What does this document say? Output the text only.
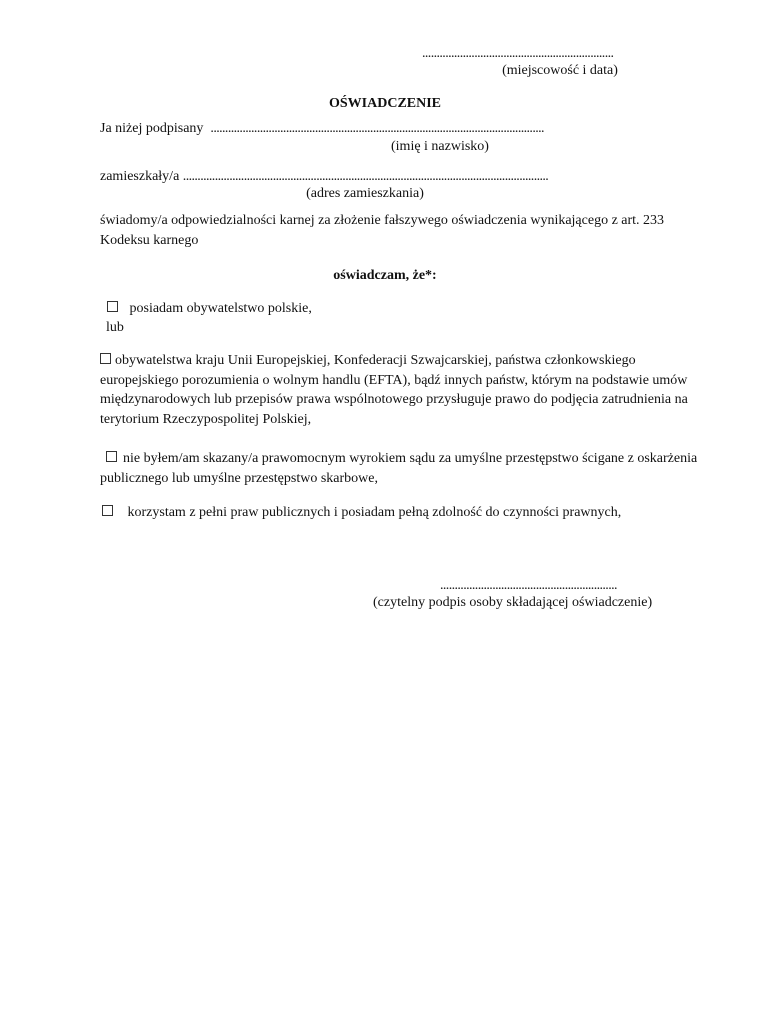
..................................................................
(miejscowość i data)
OŚWIADCZENIE
Ja niżej podpisany ...................................................................................................................
(imię i nazwisko)
zamieszkały/a ..............................................................................................................................
(adres zamieszkania)
świadomy/a odpowiedzialności karnej za złożenie fałszywego oświadczenia wynikającego z art. 233 Kodeksu karnego
oświadczam, że*:
posiadam obywatelstwo polskie,
lub
obywatelstwa kraju Unii Europejskiej, Konfederacji Szwajcarskiej, państwa członkowskiego europejskiego porozumienia o wolnym handlu (EFTA), bądź innych państw, którym na podstawie umów międzynarodowych lub przepisów prawa wspólnotowego przysługuje prawo do podjęcia zatrudnienia na terytorium Rzeczypospolitej Polskiej,
nie byłem/am skazany/a prawomocnym wyrokiem sądu za umyślne przestępstwo ścigane z oskarżenia publicznego lub umyślne przestępstwo skarbowe,
korzystam z pełni praw publicznych i posiadam pełną zdolność do czynności prawnych,
.............................................................
(czytelny podpis osoby składającej oświadczenie)
